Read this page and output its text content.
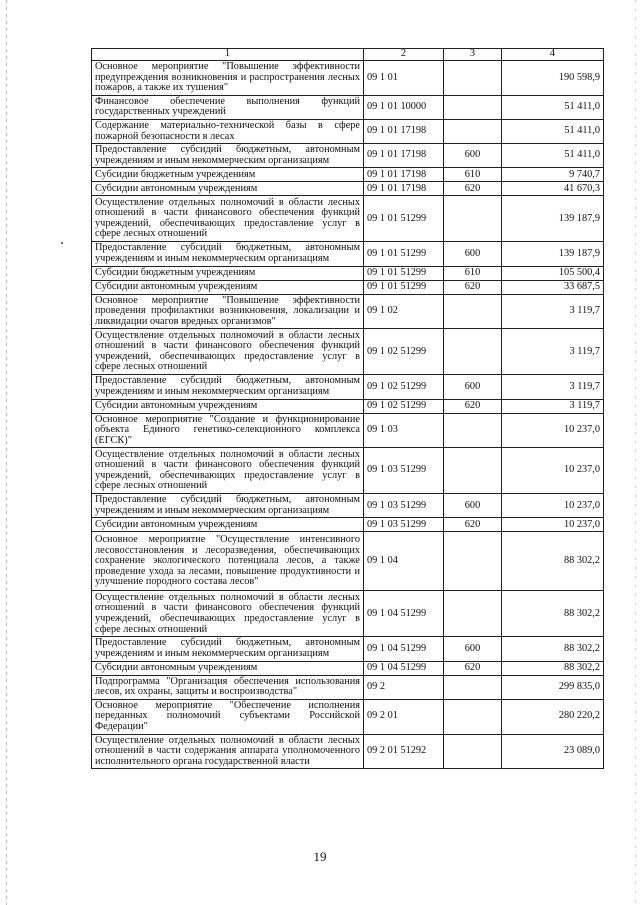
1	2	3	4
Основное мероприятие "Повышение эффективности предупреждения возникновения и распространения лесных пожаров, а также их тушения"	09 1 01		190 598,9
Финансовое обеспечение выполнения функций государственных учреждений	09 1 01 10000		51 411,0
Содержание материально-технической базы в сфере пожарной безопасности в лесах	09 1 01 17198		51 411,0
Предоставление субсидий бюджетным, автономным учреждениям и иным некоммерческим организациям	09 1 01 17198	600	51 411,0
Субсидии бюджетным учреждениям	09 1 01 17198	610	9 740,7
Субсидии автономным учреждениям	09 1 01 17198	620	41 670,3
Осуществление отдельных полномочий в области лесных отношений в части финансового обеспечения функций учреждений, обеспечивающих предоставление услуг в сфере лесных отношений	09 1 01 51299		139 187,9
Предоставление субсидий бюджетным, автономным учреждениям и иным некоммерческим организациям	09 1 01 51299	600	139 187,9
Субсидии бюджетным учреждениям	09 1 01 51299	610	105 500,4
Субсидии автономным учреждениям	09 1 01 51299	620	33 687,5
Основное мероприятие "Повышение эффективности проведения профилактики возникновения, локализации и ликвидации очагов вредных организмов"	09 1 02		3 119,7
Осуществление отдельных полномочий в области лесных отношений в части финансового обеспечения функций учреждений, обеспечивающих предоставление услуг в сфере лесных отношений	09 1 02 51299		3 119,7
Предоставление субсидий бюджетным, автономным учреждениям и иным некоммерческим организациям	09 1 02 51299	600	3 119,7
Субсидии автономным учреждениям	09 1 02 51299	620	3 119,7
Основное мероприятие "Создание и функционирование объекта Единого генетико-селекционного комплекса (ЕГСК)"	09 1 03		10 237,0
Осуществление отдельных полномочий в области лесных отношений в части финансового обеспечения функций учреждений, обеспечивающих предоставление услуг в сфере лесных отношений	09 1 03 51299		10 237,0
Предоставление субсидий бюджетным, автономным учреждениям и иным некоммерческим организациям	09 1 03 51299	600	10 237,0
Субсидии автономным учреждениям	09 1 03 51299	620	10 237,0
Основное мероприятие "Осуществление интенсивного лесовосстановления и лесоразведения, обеспечивающих сохранение экологического потенциала лесов, а также проведение ухода за лесами, повышение продуктивности и улучшение породного состава лесов"	09 1 04		88 302,2
Осуществление отдельных полномочий в области лесных отношений в части финансового обеспечения функций учреждений, обеспечивающих предоставление услуг в сфере лесных отношений	09 1 04 51299		88 302,2
Предоставление субсидий бюджетным, автономным учреждениям и иным некоммерческим организациям	09 1 04 51299	600	88 302,2
Субсидии автономным учреждениям	09 1 04 51299	620	88 302,2
Подпрограмма "Организация обеспечения использования лесов, их охраны, защиты и воспроизводства"	09 2		299 835,0
Основное мероприятие "Обеспечение исполнения переданных полномочий субъектами Российской Федерации"	09 2 01		280 220,2
Осуществление отдельных полномочий в области лесных отношений в части содержания аппарата уполномоченного исполнительного органа государственной власти	09 2 01 51292		23 089,0
19
